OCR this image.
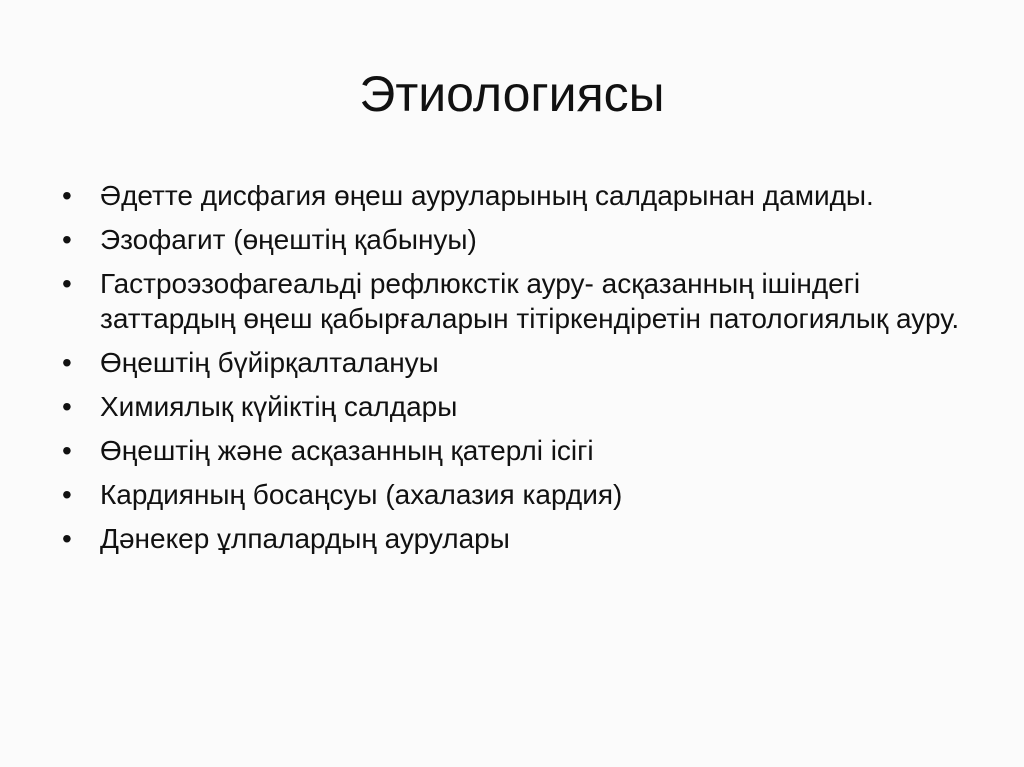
Этиологиясы
•	Әдетте дисфагия өңеш ауруларының салдарынан дамиды.
•	Эзофагит (өңештің қабынуы)
•	Гастроэзофагеальді рефлюкстік ауру- асқазанның ішіндегі заттардың өңеш қабырғаларын тітіркендіретін патологиялық ауру.
•	Өңештің бүйірқалталануы
•	Химиялық күйіктің салдары
•	Өңештің және асқазанның қатерлі ісігі
•	Кардияның босаңсуы (ахалазия кардия)
•	Дәнекер ұлпалардың аурулары
